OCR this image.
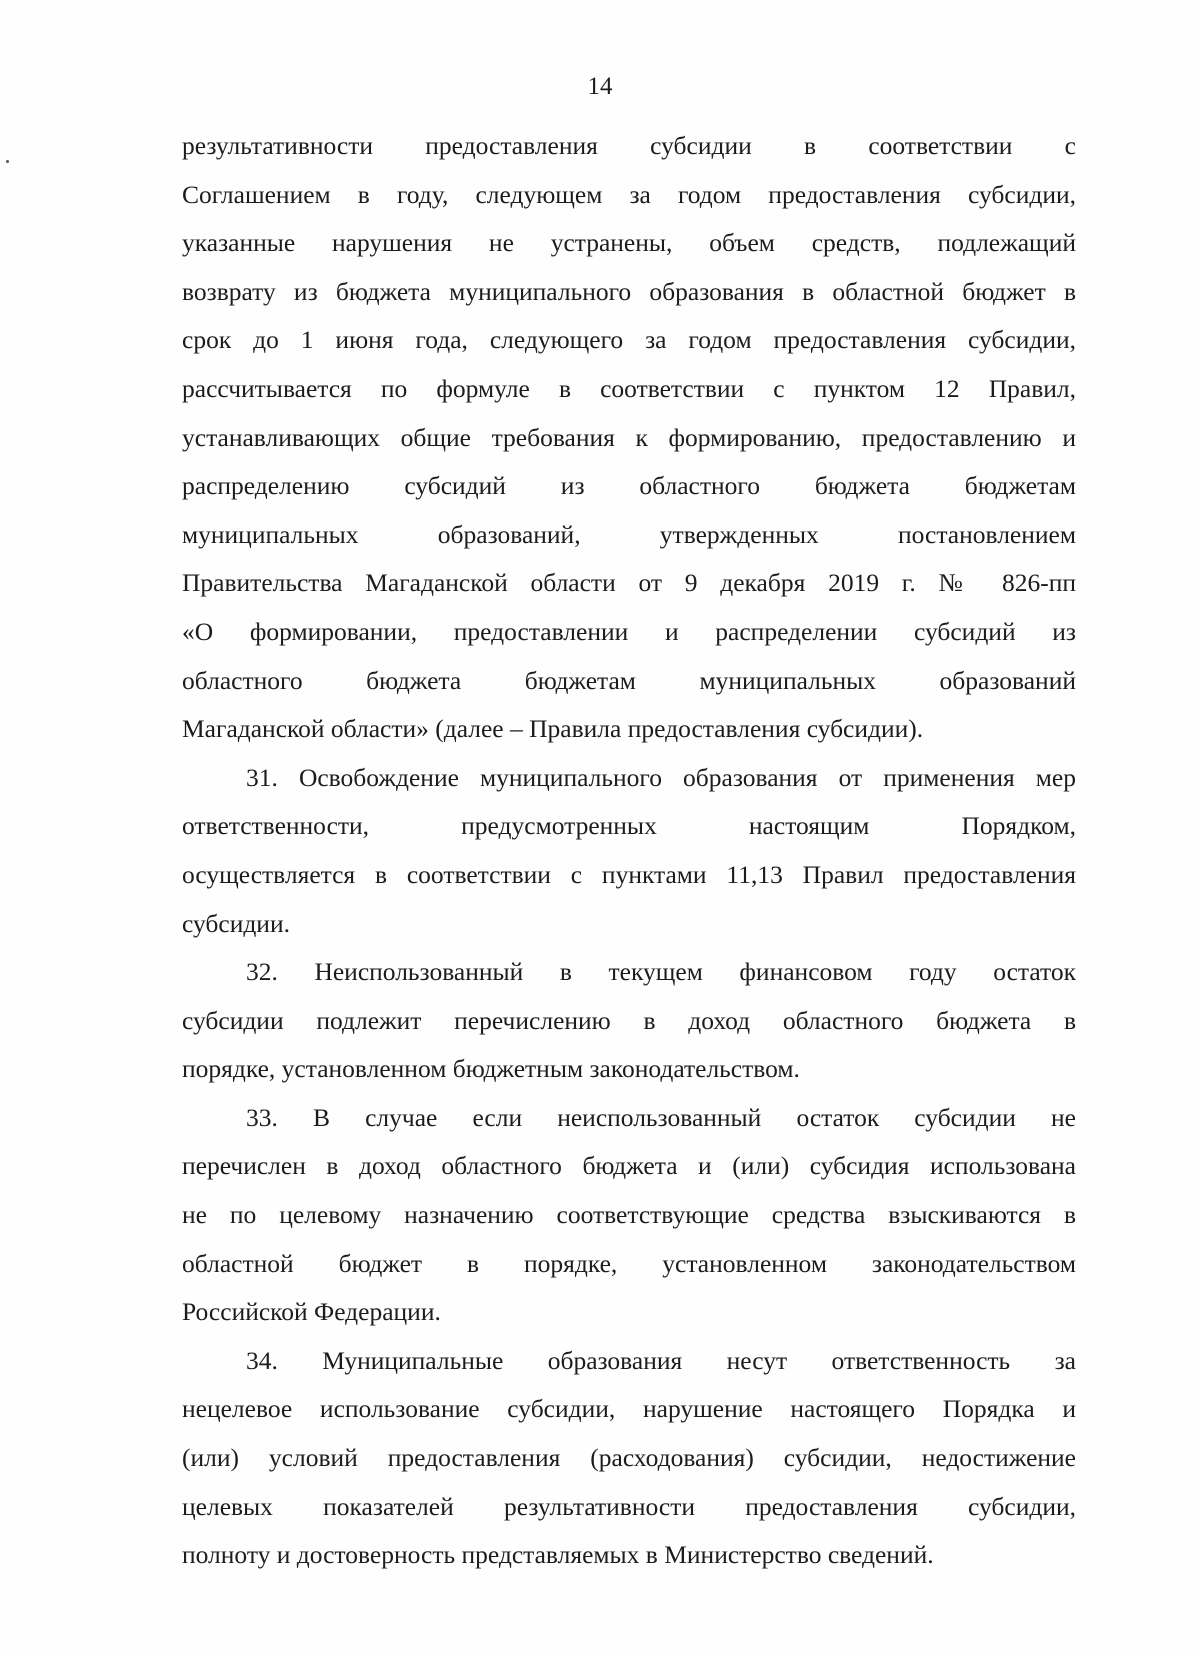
14
результативности предоставления субсидии в соответствии с
Соглашением в году, следующем за годом предоставления субсидии,
указанные нарушения не устранены, объем средств, подлежащий
возврату из бюджета муниципального образования в областной бюджет в
срок до 1 июня года, следующего за годом предоставления субсидии,
рассчитывается по формуле в соответствии с пунктом 12 Правил,
устанавливающих общие требования к формированию, предоставлению и
распределению субсидий из областного бюджета бюджетам
муниципальных образований, утвержденных постановлением
Правительства Магаданской области от 9 декабря 2019 г. № 826-пп
«О формировании, предоставлении и распределении субсидий из
областного бюджета бюджетам муниципальных образований
Магаданской области» (далее – Правила предоставления субсидии).
31. Освобождение муниципального образования от применения мер
ответственности, предусмотренных настоящим Порядком,
осуществляется в соответствии с пунктами 11,13 Правил предоставления
субсидии.
32. Неиспользованный в текущем финансовом году остаток
субсидии подлежит перечислению в доход областного бюджета в
порядке, установленном бюджетным законодательством.
33. В случае если неиспользованный остаток субсидии не
перечислен в доход областного бюджета и (или) субсидия использована
не по целевому назначению соответствующие средства взыскиваются в
областной бюджет в порядке, установленном законодательством
Российской Федерации.
34. Муниципальные образования несут ответственность за
нецелевое использование субсидии, нарушение настоящего Порядка и
(или) условий предоставления (расходования) субсидии, недостижение
целевых показателей результативности предоставления субсидии,
полноту и достоверность представляемых в Министерство сведений.
